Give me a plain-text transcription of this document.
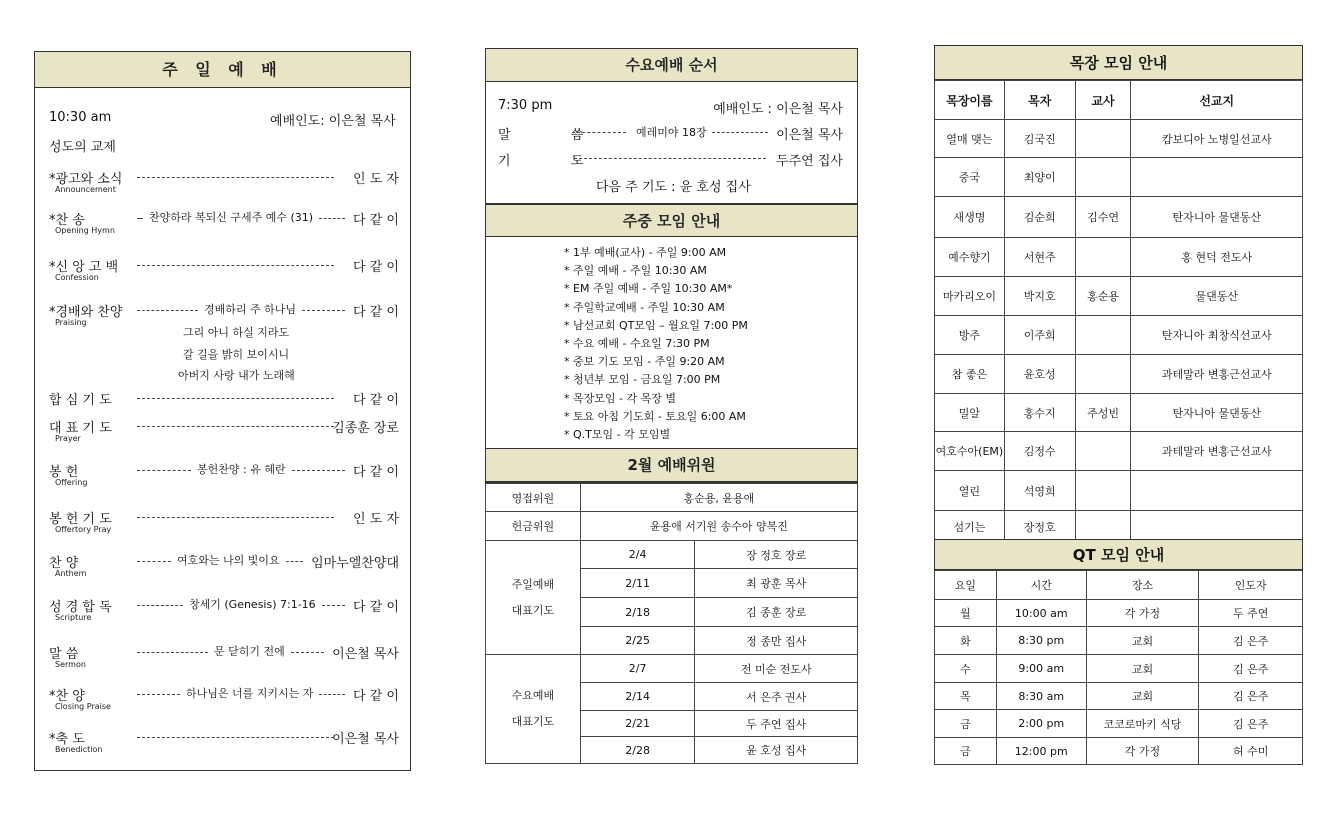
주 일 예 배
10:30 am	예배인도: 이은철 목사
성도의 교제
*광고와 소식	인 도 자
Announcement
*찬 송	다 같 이
찬양하라 복되신 구세주 예수 (31)
Opening Hymn
*신 앙 고 백	다 같 이
Confession
*경배와 찬양	다 같 이
경배하리 주 하나님
Praising
합 심 기 도	다 같 이
대 표 기 도	김종훈 장로
Prayer
봉 헌	다 같 이
봉헌찬양 : 유 혜란
Offering
봉 헌 기 도	인 도 자
Offertory Pray
찬 양	임마누엘찬양대
여호와는 나의 빛이요
Anthem
성 경 합 독	다 같 이
창세기 (Genesis) 7:1-16
Scripture
말 씀	이은철 목사
문 닫히기 전에
Sermon
*찬 양	다 같 이
하나님은 너를 지키시는 자
Closing Praise
*축 도	이은철 목사
Benediction
그리 아니 하실 지라도
갈 길을 밝히 보이시니
아버지 사랑 내가 노래해
수요예배 순서
7:30 pm	예배인도 : 이은철 목사
말 씀 예레미야 18장	이은철 목사
기 도	두주연 집사
다음 주 기도 : 윤 호성 집사
주중 모임 안내
* 1부 예배(교사) - 주일 9:00 AM
* 주일 예배 - 주일 10:30 AM
* EM 주일 예배 - 주일 10:30 AM*
* 주일학교예배 - 주일 10:30 AM
* 남선교회 QT모임 – 월요일 7:00 PM
* 수요 예배 - 수요일 7:30 PM
* 중보 기도 모임 - 주일 9:20 AM
* 청년부 모임 - 금요일 7:00 PM
* 목장모임 - 각 목장 별
* 토요 아침 기도회 - 토요일 6:00 AM
* Q.T모임 - 각 모임별
2월 예배위원
영접위원	홍순용, 윤용애	
헌금위원	윤용애 서기원 송수아 양복진	
주일예배
대표기도	2/4	장 정호 장로
	2/11	최 광훈 목사
	2/18	김 종훈 장로
	2/25	정 종만 집사
수요예배
대표기도	2/7	전 미순 전도사
	2/14	서 은주 권사
	2/21	두 주연 집사
	2/28	윤 호성 집사
목장 모임 안내
목장이름	목자	교사	선교지
열매 맺는	김국진		캄보디아 노병일선교사
중국	최양이		
새생명	김순희	김수연	탄자니아 물댄동산
예수향기	서현주		홍 현덕 전도사
마카리오이	박지호	홍순용	물댄동산
방주	이주희		탄자니아 최창식선교사
참 좋은	윤호성		과테말라 변홍근선교사
밀알	홍수지	주성빈	탄자니아 물댄동산
여호수아(EM)	김정수		과테말라 변홍근선교사
열린	석영희		
섬기는	장정호		
QT 모임 안내
요일	시간	장소	인도자
월	10:00 am	각 가정	두 주연
화	8:30 pm	교회	김 은주
수	9:00 am	교회	김 은주
목	8:30 am	교회	김 은주
금	2:00 pm	코코로마키 식당	김 은주
금	12:00 pm	각 가정	허 수미
